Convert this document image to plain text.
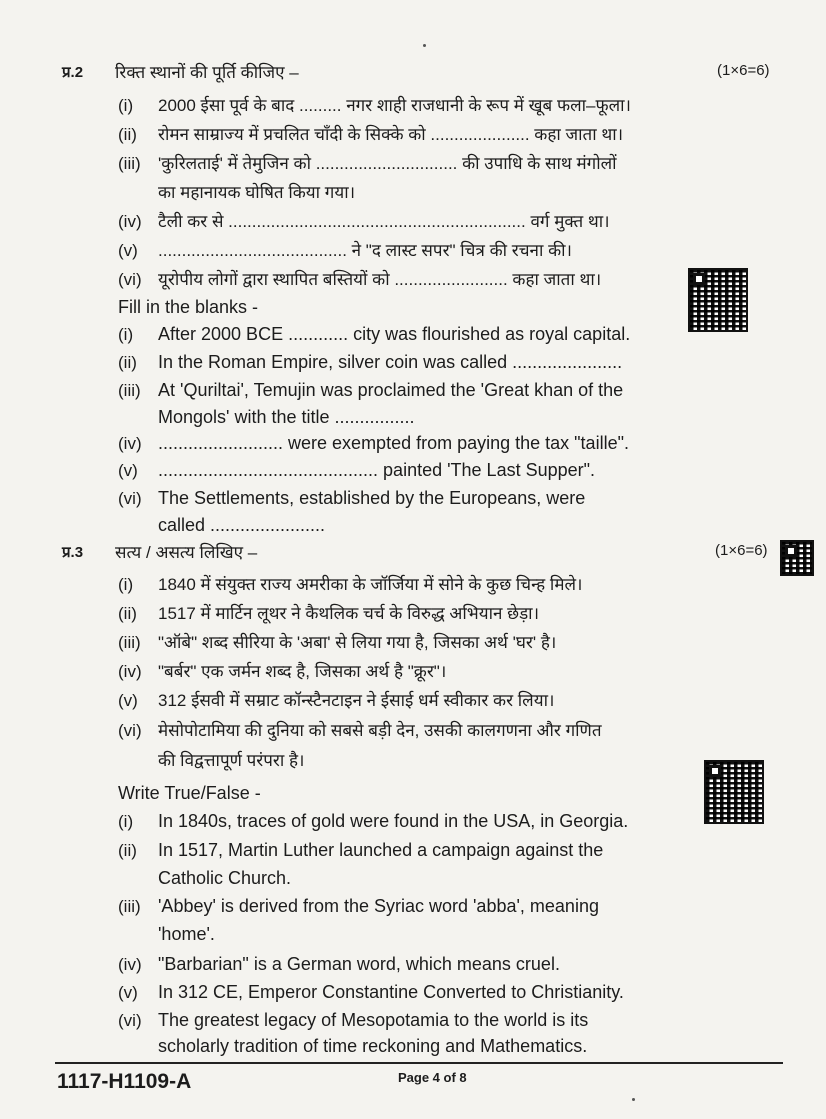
प्र.2 रिक्त स्थानों की पूर्ति कीजिए –	(1×6=6)
(i)	2000 ईसा पूर्व के बाद ......... नगर शाही राजधानी के रूप में खूब फला–फूला।
(ii)	रोमन साम्राज्य में प्रचलित चाँदी के सिक्के को ..................... कहा जाता था।
(iii)	'कुरिलताई' में तेमुजिन को .............................. की उपाधि के साथ मंगोलों
का महानायक घोषित किया गया।
(iv) टैली कर से ............................................................... वर्ग मुक्त था।
(v)	........................................ ने "द लास्ट सपर" चित्र की रचना की।
(vi) यूरोपीय लोगों द्वारा स्थापित बस्तियों को ........................ कहा जाता था।
Fill in the blanks -
(i)	After 2000 BCE ............ city was flourished as royal capital.
(ii)	In the Roman Empire, silver coin was called ......................
(iii) At 'Quriltai', Temujin was proclaimed the 'Great khan of the
Mongols' with the title ................
(iv) ......................... were exempted from paying the tax "taille".
(v)	............................................ painted 'The Last Supper".
(vi) The Settlements, established by the Europeans, were
called .......................
प्र.3 सत्य / असत्य लिखिए –	(1×6=6)
(i)	1840 में संयुक्त राज्य अमरीका के जॉर्जिया में सोने के कुछ चिन्ह मिले।
(ii)	1517 में मार्टिन लूथर ने कैथलिक चर्च के विरुद्ध अभियान छेड़ा।
(iii)	"ऑबे" शब्द सीरिया के 'अबा' से लिया गया है, जिसका अर्थ 'घर' है।
(iv) "बर्बर" एक जर्मन शब्द है, जिसका अर्थ है "क्रूर"।
(v)	312 ईसवी में सम्राट कॉन्स्टैनटाइन ने ईसाई धर्म स्वीकार कर लिया।
(vi) मेसोपोटामिया की दुनिया को सबसे बड़ी देन, उसकी कालगणना और गणित
की विद्वत्तापूर्ण परंपरा है।
Write True/False -
(i)	In 1840s, traces of gold were found in the USA, in Georgia.
(ii)	In 1517, Martin Luther launched a campaign against the
Catholic Church.
(iii) 'Abbey' is derived from the Syriac word 'abba', meaning
'home'.
(iv) "Barbarian" is a German word, which means cruel.
(v)	In 312 CE, Emperor Constantine Converted to Christianity.
(vi) The greatest legacy of Mesopotamia to the world is its
scholarly tradition of time reckoning and Mathematics.
1117-H1109-A	Page 4 of 8
